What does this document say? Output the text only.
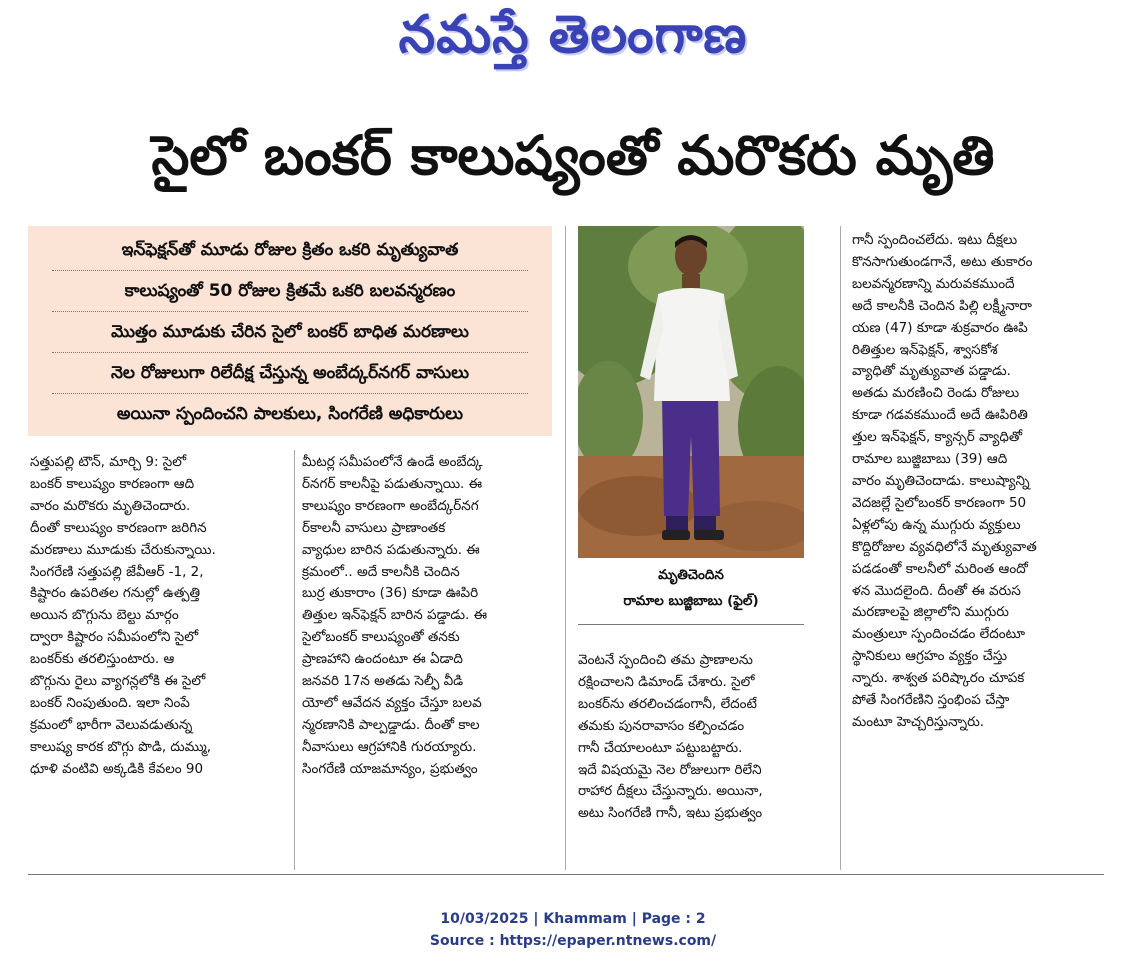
నమస్తే తెలంగాణ
సైలో బంకర్ కాలుష్యంతో మరొకరు మృతి
ఇన్‌ఫెక్షన్‌తో మూడు రోజుల క్రితం ఒకరి మృత్యువాత
కాలుష్యంతో 50 రోజుల క్రితమే ఒకరి బలవన్మరణం
మొత్తం మూడుకు చేరిన సైలో బంకర్ బాధిత మరణాలు
నెల రోజులుగా రిలేదీక్ష చేస్తున్న అంబేద్కర్‌నగర్ వాసులు
అయినా స్పందించని పాలకులు, సింగరేణి అధికారులు
మృతిచెందిన
రామాల బుజ్జిబాబు (ఫైల్)
సత్తుపల్లి టౌన్, మార్చి 9: సైలో
బంకర్ కాలుష్యం కారణంగా ఆది
వారం మరొకరు మృతిచెందారు.
దీంతో కాలుష్యం కారణంగా జరిగిన
మరణాలు మూడుకు చేరుకున్నాయి.
సింగరేణి సత్తుపల్లి జేవీఆర్ -1, 2,
కిష్టారం ఉపరితల గనుల్లో ఉత్పత్తి
అయిన బొగ్గును బెల్టు మార్గం
ద్వారా కిష్టారం సమీపంలోని సైలో
బంకర్‌కు తరలిస్తుంటారు. ఆ
బొగ్గును రైలు వ్యాగన్లలోకి ఈ సైలో
బంకర్ నింపుతుంది. ఇలా నింపే
క్రమంలో భారీగా వెలువడుతున్న
కాలుష్య కారక బొగ్గు పొడి, దుమ్ము,
ధూళి వంటివి అక్కడికి కేవలం 90
మీటర్ల సమీపంలోనే ఉండే అంబేద్క
ర్‌నగర్ కాలనీపై పడుతున్నాయి. ఈ
కాలుష్యం కారణంగా అంబేద్కర్‌నగ
ర్‌కాలనీ వాసులు ప్రాణాంతక
వ్యాధుల బారిన పడుతున్నారు. ఈ
క్రమంలో.. అదే కాలనీకి చెందిన
బుర్ర తుకారాం (36) కూడా ఊపిరి
తిత్తుల ఇన్‌ఫెక్షన్ బారిన పడ్డాడు. ఈ
సైలోబంకర్ కాలుష్యంతో తనకు
ప్రాణహాని ఉందంటూ ఈ ఏడాది
జనవరి 17న అతడు సెల్ఫీ వీడి
యోలో ఆవేదన వ్యక్తం చేస్తూ బలవ
న్మరణానికి పాల్పడ్డాడు. దీంతో కాల
నీవాసులు ఆగ్రహానికి గురయ్యారు.
సింగరేణి యాజమాన్యం, ప్రభుత్వం
వెంటనే స్పందించి తమ ప్రాణాలను
రక్షించాలని డిమాండ్ చేశారు. సైలో
బంకర్‌ను తరలించడంగానీ, లేదంటే
తమకు పునరావాసం కల్పించడం
గానీ చేయాలంటూ పట్టుబట్టారు.
ఇదే విషయమై నెల రోజులుగా రిలేని
రాహార దీక్షలు చేస్తున్నారు. అయినా,
అటు సింగరేణి గానీ, ఇటు ప్రభుత్వం
గానీ స్పందించలేదు. ఇటు దీక్షలు
కొనసాగుతుండగానే, అటు తుకారం
బలవన్మరణాన్ని మరువకముందే
అదే కాలనీకి చెందిన పిల్లి లక్ష్మీనారా
యణ (47) కూడా శుక్రవారం ఊపి
రితిత్తుల ఇన్‌ఫెక్షన్, శ్వాసకోశ
వ్యాధితో మృత్యువాత పడ్డాడు.
అతడు మరణించి రెండు రోజులు
కూడా గడవకముందే అదే ఊపిరితి
త్తుల ఇన్‌ఫెక్షన్, క్యాన్సర్ వ్యాధితో
రామాల బుజ్జిబాబు (39) ఆది
వారం మృతిచెందాడు. కాలుష్యాన్ని
వెదజల్లే సైలోబంకర్ కారణంగా 50
ఏళ్లలోపు ఉన్న ముగ్గురు వ్యక్తులు
కొద్దిరోజుల వ్యవధిలోనే మృత్యువాత
పడడంతో కాలనీలో మరింత ఆందో
ళన మొదలైంది. దీంతో ఈ వరుస
మరణాలపై జిల్లాలోని ముగ్గురు
మంత్రులూ స్పందించడం లేదంటూ
స్థానికులు ఆగ్రహం వ్యక్తం చేస్తు
న్నారు. శాశ్వత పరిష్కారం చూపక
పోతే సింగరేణిని స్తంభింప చేస్తా
మంటూ హెచ్చరిస్తున్నారు.
10/03/2025 | Khammam | Page : 2
Source : https://epaper.ntnews.com/
